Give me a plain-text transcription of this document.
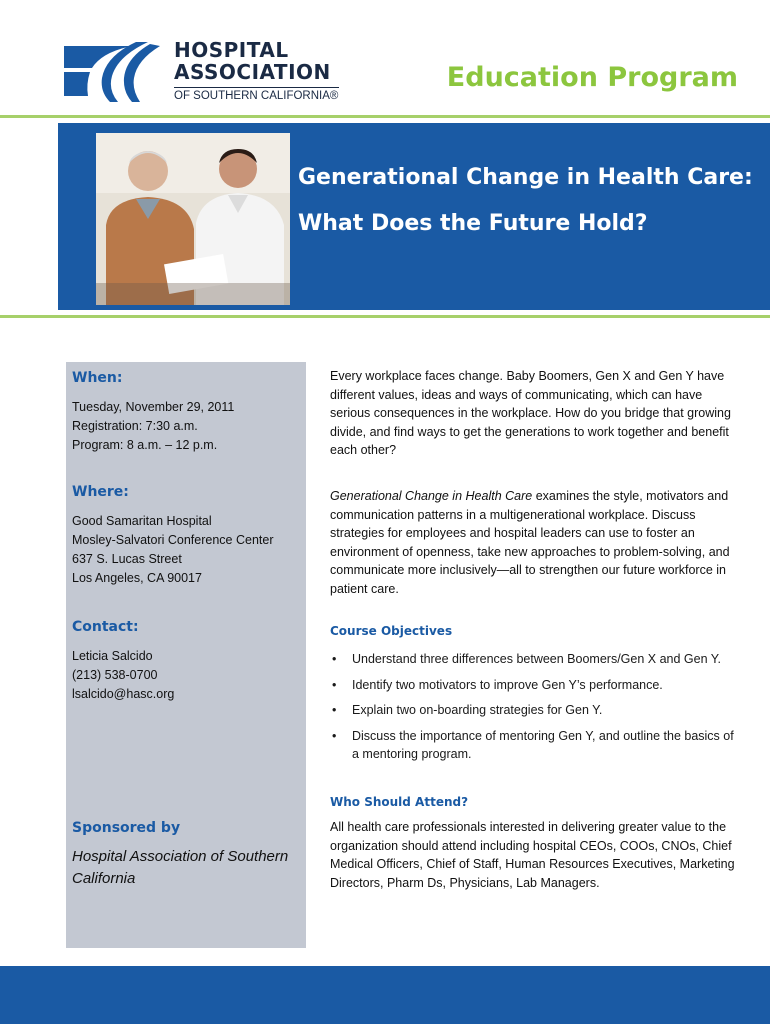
HOSPITAL
ASSOCIATION
OF SOUTHERN CALIFORNIA®
Education Program
Generational Change in Health Care:
What Does the Future Hold?
When:
Tuesday, November 29, 2011
Registration: 7:30 a.m.
Program: 8 a.m. – 12 p.m.
Where:
Good Samaritan Hospital
Mosley-Salvatori Conference Center
637 S. Lucas Street
Los Angeles, CA 90017
Contact:
Leticia Salcido
(213) 538-0700
lsalcido@hasc.org
Sponsored by
Hospital Association of Southern California
Every workplace faces change. Baby Boomers, Gen X and Gen Y have different values, ideas and ways of communicating, which can have serious consequences in the workplace. How do you bridge that growing divide, and find ways to get the generations to work together and benefit each other?
Generational Change in Health Care examines the style, motivators and communication patterns in a multigenerational workplace. Discuss strategies for employees and hospital leaders can use to foster an environment of openness, take new approaches to problem-solving, and communicate more inclusively—all to strengthen our future workforce in patient care.
Course Objectives
• Understand three differences between Boomers/Gen X and Gen Y.
• Identify two motivators to improve Gen Y’s performance.
• Explain two on-boarding strategies for Gen Y.
• Discuss the importance of mentoring Gen Y, and outline the basics of a mentoring program.
Who Should Attend?
All health care professionals interested in delivering greater value to the organization should attend including hospital CEOs, COOs, CNOs, Chief Medical Officers, Chief of Staff, Human Resources Executives, Marketing Directors, Pharm Ds, Physicians, Lab Managers.
